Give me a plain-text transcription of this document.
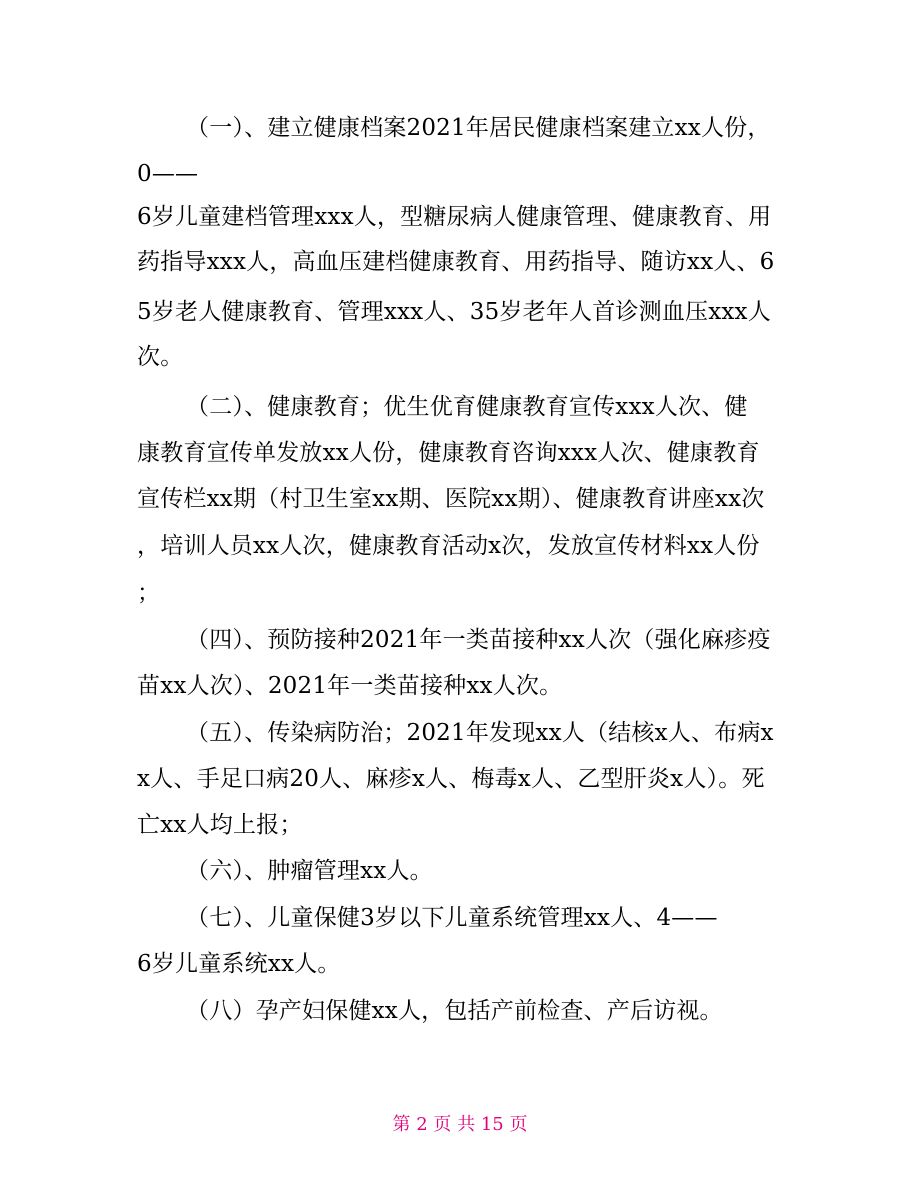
（一）、建立健康档案2021年居民健康档案建立xx人份，
0——
6岁儿童建档管理xxx人，型糖尿病人健康管理、健康教育、用
药指导xxx人，高血压建档健康教育、用药指导、随访xx人、6
5岁老人健康教育、管理xxx人、35岁老年人首诊测血压xxx人
次。
（二）、健康教育；优生优育健康教育宣传xxx人次、健
康教育宣传单发放xx人份，健康教育咨询xxx人次、健康教育
宣传栏xx期（村卫生室xx期、医院xx期）、健康教育讲座xx次
，培训人员xx人次，健康教育活动x次，发放宣传材料xx人份
；
（四）、预防接种2021年一类苗接种xx人次（强化麻疹疫
苗xx人次）、2021年一类苗接种xx人次。
（五）、传染病防治；2021年发现xx人（结核x人、布病x
x人、手足口病20人、麻疹x人、梅毒x人、乙型肝炎x人）。死
亡xx人均上报；
（六）、肿瘤管理xx人。
（七）、儿童保健3岁以下儿童系统管理xx人、4——
6岁儿童系统xx人。
（八）孕产妇保健xx人，包括产前检查、产后访视。
第 2 页 共 15 页
